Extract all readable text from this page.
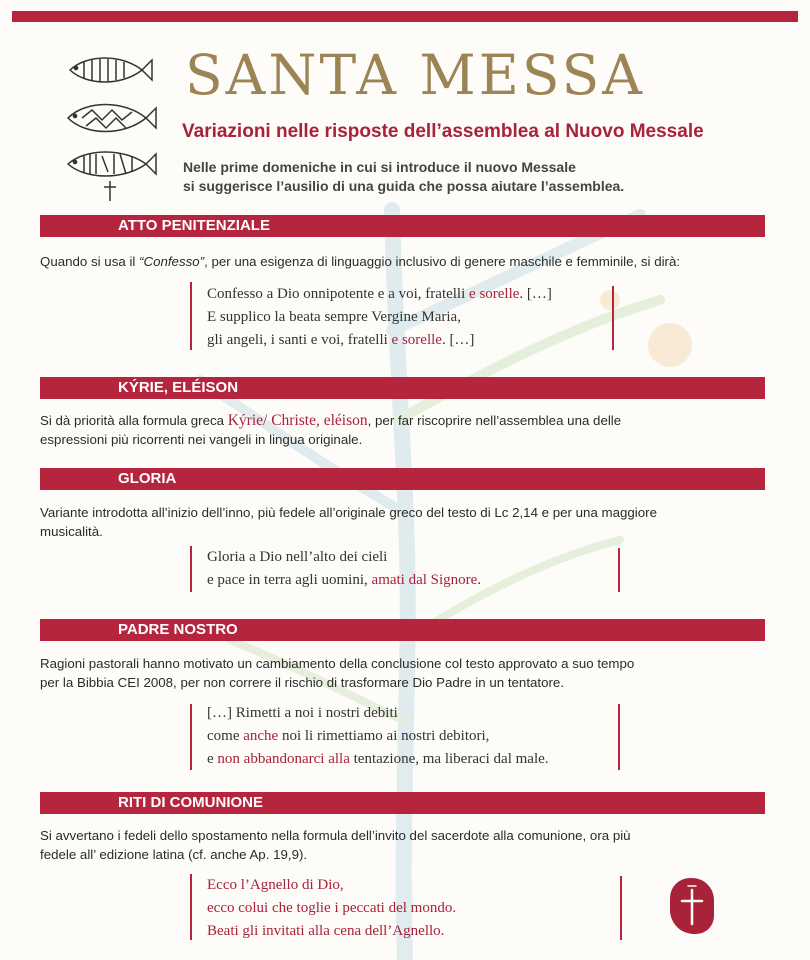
SANTA MESSA
Variazioni nelle risposte dell’assemblea al Nuovo Messale
Nelle prime domeniche in cui si introduce il nuovo Messale
si suggerisce l’ausilio di una guida che possa aiutare l’assemblea.
ATTO PENITENZIALE
Quando si usa il “Confesso”, per una esigenza di linguaggio inclusivo di genere maschile e femminile, si dirà:
Confesso a Dio onnipotente e a voi, fratelli e sorelle. […]
E supplico la beata sempre Vergine Maria,
gli angeli, i santi e voi, fratelli e sorelle. […]
KÝRIE, ELÉISON
Si dà priorità alla formula greca Kýrie/ Christe, eléison, per far riscoprire nell’assemblea una delle
espressioni più ricorrenti nei vangeli in lingua originale.
GLORIA
Variante introdotta all’inizio dell’inno, più fedele all’originale greco del testo di Lc 2,14 e per una maggiore
musicalità.
Gloria a Dio nell’alto dei cieli
e pace in terra agli uomini, amati dal Signore.
PADRE NOSTRO
Ragioni pastorali hanno motivato un cambiamento della conclusione col testo approvato a suo tempo
per la Bibbia CEI 2008, per non correre il rischio di trasformare Dio Padre in un tentatore.
[…] Rimetti a noi i nostri debiti
come anche noi li rimettiamo ai nostri debitori,
e non abbandonarci alla tentazione, ma liberaci dal male.
RITI DI COMUNIONE
Si avvertano i fedeli dello spostamento nella formula dell’invito del sacerdote alla comunione, ora più
fedele all’ edizione latina (cf. anche Ap. 19,9).
Ecco l’Agnello di Dio,
ecco colui che toglie i peccati del mondo.
Beati gli invitati alla cena dell’Agnello.
